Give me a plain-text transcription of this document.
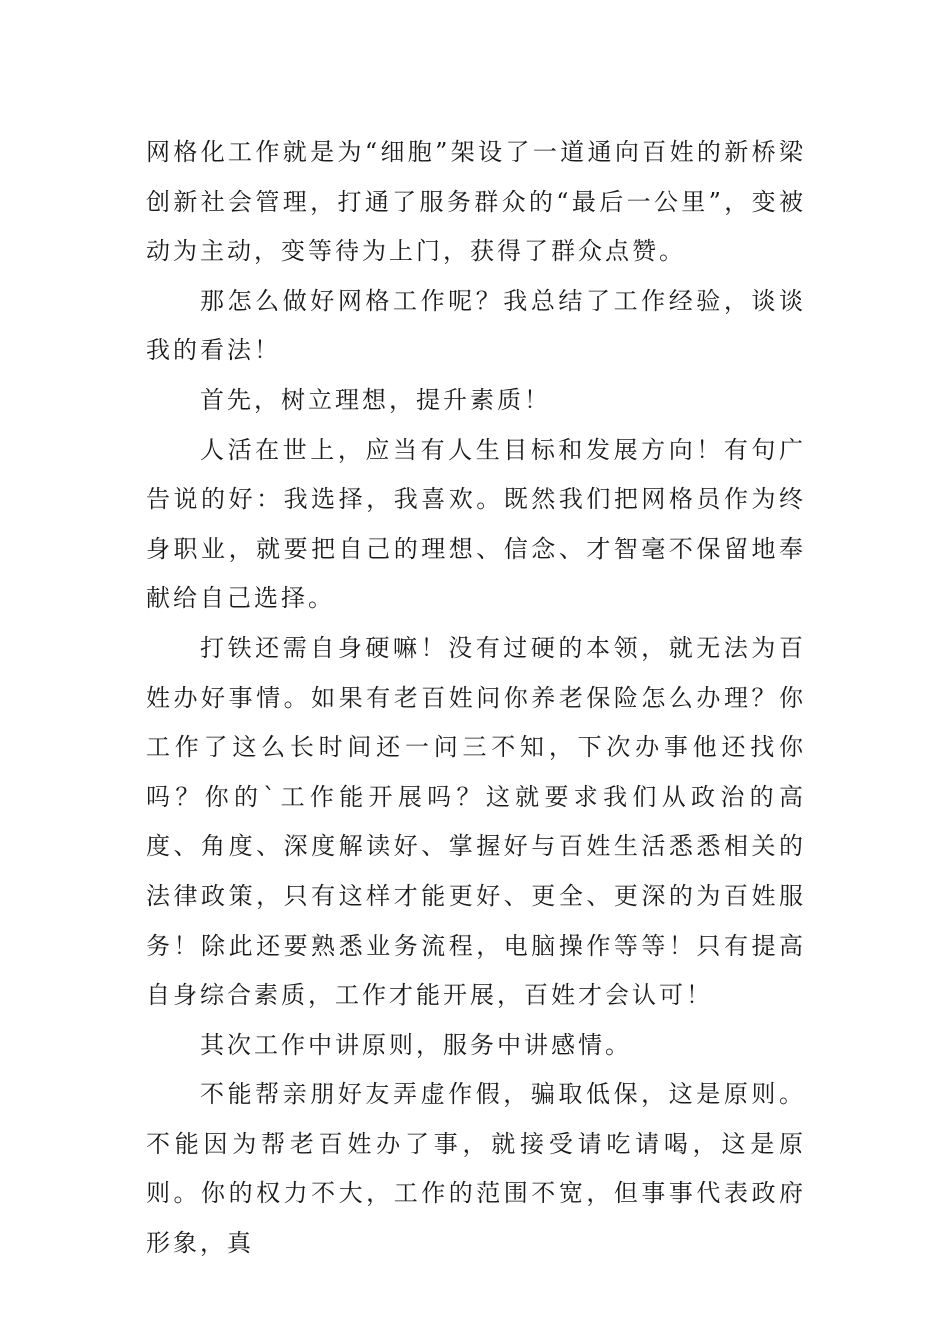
网格化工作就是为“细胞”架设了一道通向百姓的新桥梁创新社会管理，打通了服务群众的“最后一公里”，变被动为主动，变等待为上门，获得了群众点赞。

那怎么做好网格工作呢？我总结了工作经验，谈谈我的看法！

首先，树立理想，提升素质！

人活在世上，应当有人生目标和发展方向！有句广告说的好：我选择，我喜欢。既然我们把网格员作为终身职业，就要把自己的理想、信念、才智毫不保留地奉献给自己选择。

打铁还需自身硬嘛！没有过硬的本领，就无法为百姓办好事情。如果有老百姓问你养老保险怎么办理？你工作了这么长时间还一问三不知，下次办事他还找你吗？你的`工作能开展吗？这就要求我们从政治的高度、角度、深度解读好、掌握好与百姓生活悉悉相关的法律政策，只有这样才能更好、更全、更深的为百姓服务！除此还要熟悉业务流程，电脑操作等等！只有提高自身综合素质，工作才能开展，百姓才会认可！

其次工作中讲原则，服务中讲感情。

不能帮亲朋好友弄虚作假，骗取低保，这是原则。不能因为帮老百姓办了事，就接受请吃请喝，这是原则。你的权力不大，工作的范围不宽，但事事代表政府形象，真
